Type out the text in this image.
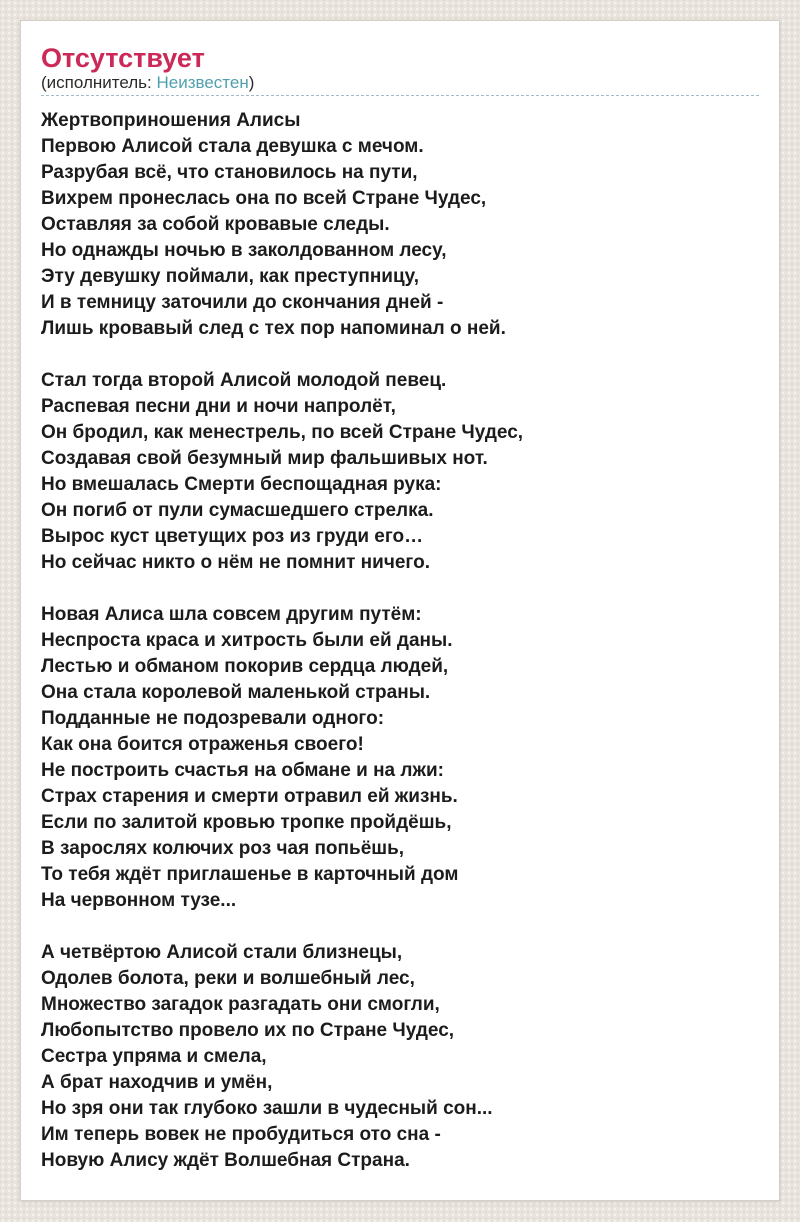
Отсутствует
(исполнитель: Неизвестен)
Жертвоприношения Алисы
Первою Алисой стала девушка с мечом.
Разрубая всё, что становилось на пути,
Вихрем пронеслась она по всей Стране Чудес,
Оставляя за собой кровавые следы.
Но однажды ночью в заколдованном лесу,
Эту девушку поймали, как преступницу,
И в темницу заточили до скончания дней -
Лишь кровавый след с тех пор напоминал о ней.
Стал тогда второй Алисой молодой певец.
Распевая песни дни и ночи напролёт,
Он бродил, как менестрель, по всей Стране Чудес,
Создавая свой безумный мир фальшивых нот.
Но вмешалась Смерти беспощадная рука:
Он погиб от пули сумасшедшего стрелка.
Вырос куст цветущих роз из груди его…
Но сейчас никто о нём не помнит ничего.
Новая Алиса шла совсем другим путём:
Неспроста краса и хитрость были ей даны.
Лестью и обманом покорив сердца людей,
Она стала королевой маленькой страны.
Подданные не подозревали одного:
Как она боится отраженья своего!
Не построить счастья на обмане и на лжи:
Страх старения и смерти отравил ей жизнь.
Если по залитой кровью тропке пройдёшь,
В зарослях колючих роз чая попьёшь,
То тебя ждёт приглашенье в карточный дом
На червонном тузе...
А четвёртою Алисой стали близнецы,
Одолев болота, реки и волшебный лес,
Множество загадок разгадать они смогли,
Любопытство провело их по Стране Чудес,
Сестра упряма и смела,
А брат находчив и умён,
Но зря они так глубоко зашли в чудесный сон...
Им теперь вовек не пробудиться ото сна -
Новую Алису ждёт Волшебная Страна.
